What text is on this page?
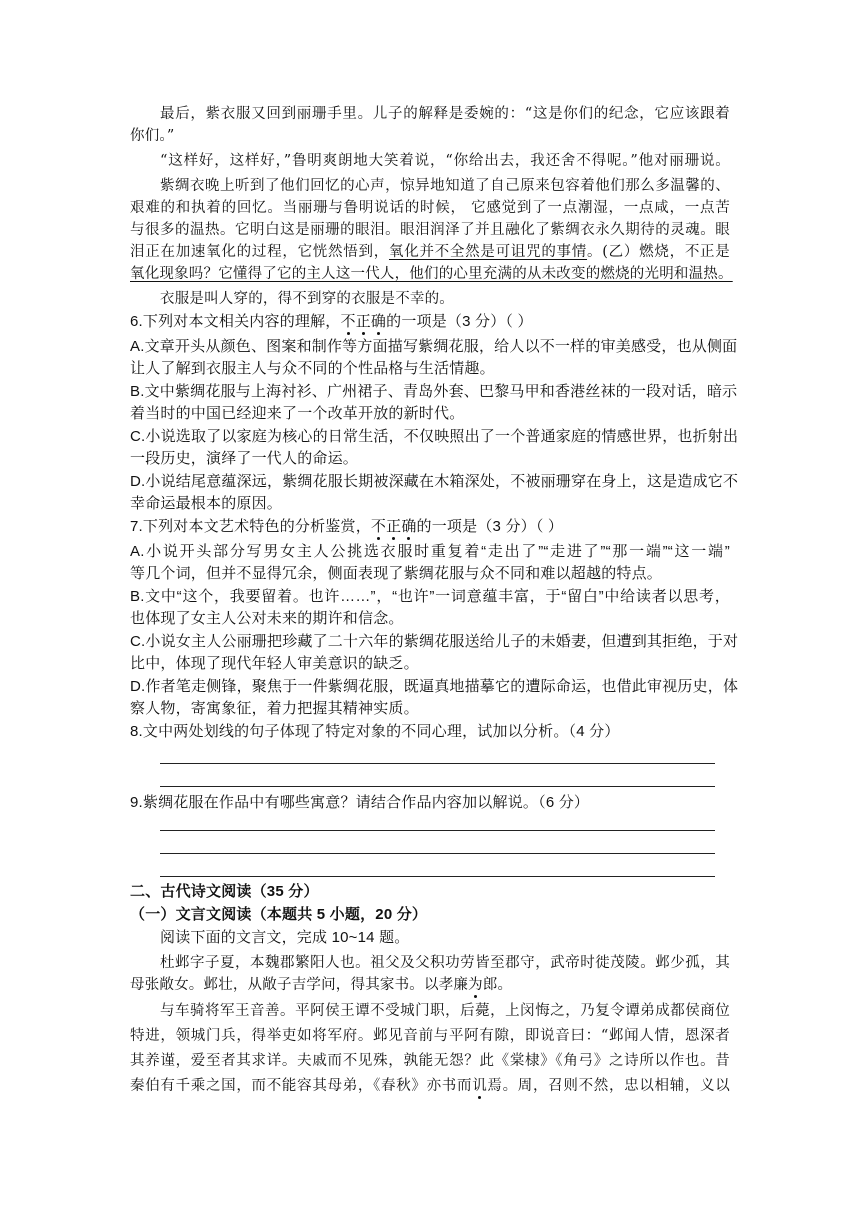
最后，紫衣服又回到丽珊手里。儿子的解释是委婉的：“这是你们的纪念，它应该跟着
你们。”
“这样好，这样好，”鲁明爽朗地大笑着说，“你给出去，我还舍不得呢。”他对丽珊说。
紫绸衣晚上听到了他们回忆的心声，惊异地知道了自己原来包容着他们那么多温馨的、
艰难的和执着的回忆。当丽珊与鲁明说话的时候， 它感觉到了一点潮湿，一点咸，一点苦
与很多的温热。它明白这是丽珊的眼泪。眼泪润泽了并且融化了紫绸衣永久期待的灵魂。眼
泪正在加速氧化的过程，它恍然悟到，氧化并不全然是可诅咒的事情。(乙）燃烧，不正是
氧化现象吗？它懂得了它的主人这一代人，他们的心里充满的从未改变的燃烧的光明和温热。
衣服是叫人穿的，得不到穿的衣服是不幸的。
6.下列对本文相关内容的理解，不正确的一项是（3 分）（ ）
A.文章开头从颜色、图案和制作等方面描写紫绸花服，给人以不一样的审美感受，也从侧面
让人了解到衣服主人与众不同的个性品格与生活情趣。
B.文中紫绸花服与上海衬衫、广州裙子、青岛外套、巴黎马甲和香港丝袜的一段对话，暗示
着当时的中国已经迎来了一个改革开放的新时代。
C.小说选取了以家庭为核心的日常生活，不仅映照出了一个普通家庭的情感世界，也折射出
一段历史，演绎了一代人的命运。
D.小说结尾意蕴深远，紫绸花服长期被深藏在木箱深处，不被丽珊穿在身上，这是造成它不
幸命运最根本的原因。
7.下列对本文艺术特色的分析鉴赏，不正确的一项是（3 分）（ ）
A.小说开头部分写男女主人公挑选衣服时重复着“走出了”“走进了”“那一端”“这一端”
等几个词，但并不显得冗余，侧面表现了紫绸花服与众不同和难以超越的特点。
B.文中“这个，我要留着。也许……”，“也许”一词意蕴丰富，于“留白”中给读者以思考，
也体现了女主人公对未来的期许和信念。
C.小说女主人公丽珊把珍藏了二十六年的紫绸花服送给儿子的未婚妻，但遭到其拒绝，于对
比中，体现了现代年轻人审美意识的缺乏。
D.作者笔走侧锋，聚焦于一件紫绸花服，既逼真地描摹它的遭际命运，也借此审视历史，体
察人物，寄寓象征，着力把握其精神实质。
8.文中两处划线的句子体现了特定对象的不同心理，试加以分析。（4 分）
9.紫绸花服在作品中有哪些寓意？请结合作品内容加以解说。（6 分）
二、古代诗文阅读（35 分）
（一）文言文阅读（本题共 5 小题，20 分）
阅读下面的文言文，完成 10~14 题。
杜邺字子夏，本魏郡繁阳人也。祖父及父积功劳皆至郡守，武帝时徙茂陵。邺少孤，其
母张敞女。邺壮，从敞子吉学问，得其家书。以孝廉为郎。
与车骑将军王音善。平阿侯王谭不受城门职，后薨，上闵悔之，乃复令谭弟成都侯商位
特进，领城门兵，得举吏如将军府。邺见音前与平阿有隙，即说音曰：“邺闻人情，恩深者
其养谨，爱至者其求详。夫戚而不见殊，孰能无怨？此《棠棣》《角弓》之诗所以作也。昔
秦伯有千乘之国，而不能容其母弟，《春秋》亦书而讥焉。周，召则不然，忠以相辅，义以
